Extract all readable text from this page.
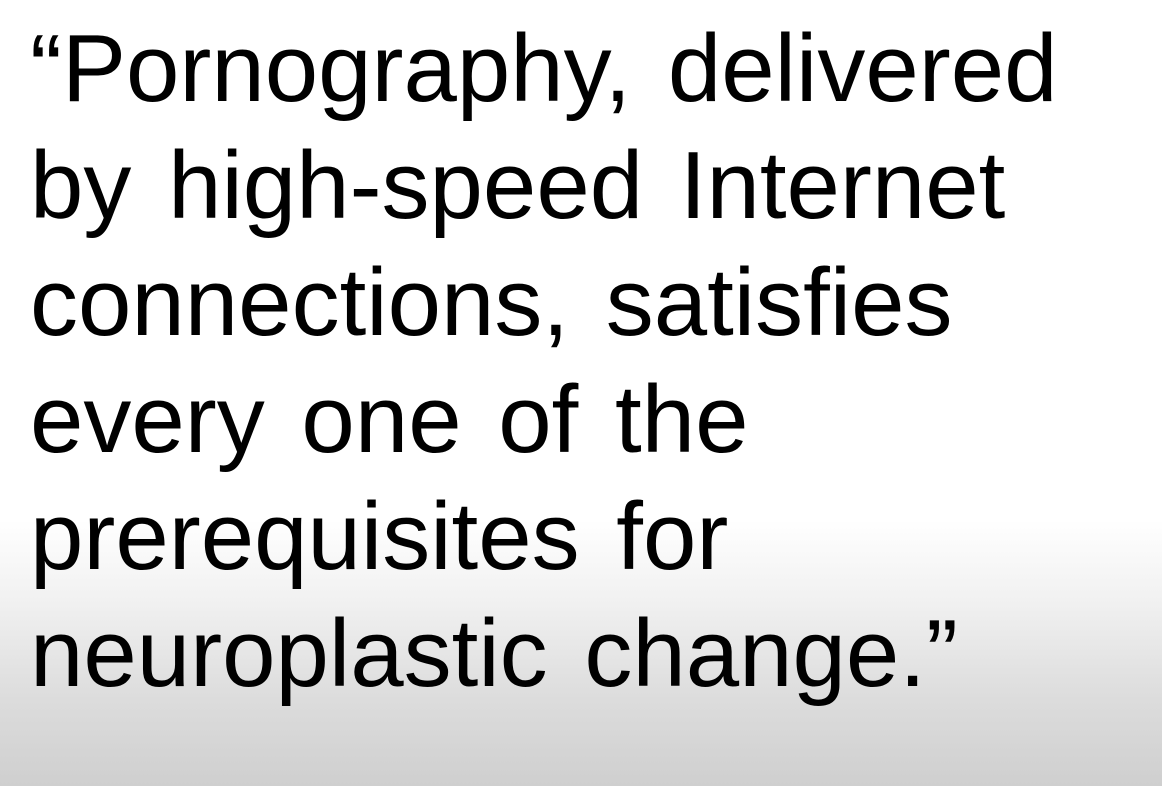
“Pornography, delivered
by high-speed Internet
connections, satisfies
every one of the
prerequisites for
neuroplastic change.”
